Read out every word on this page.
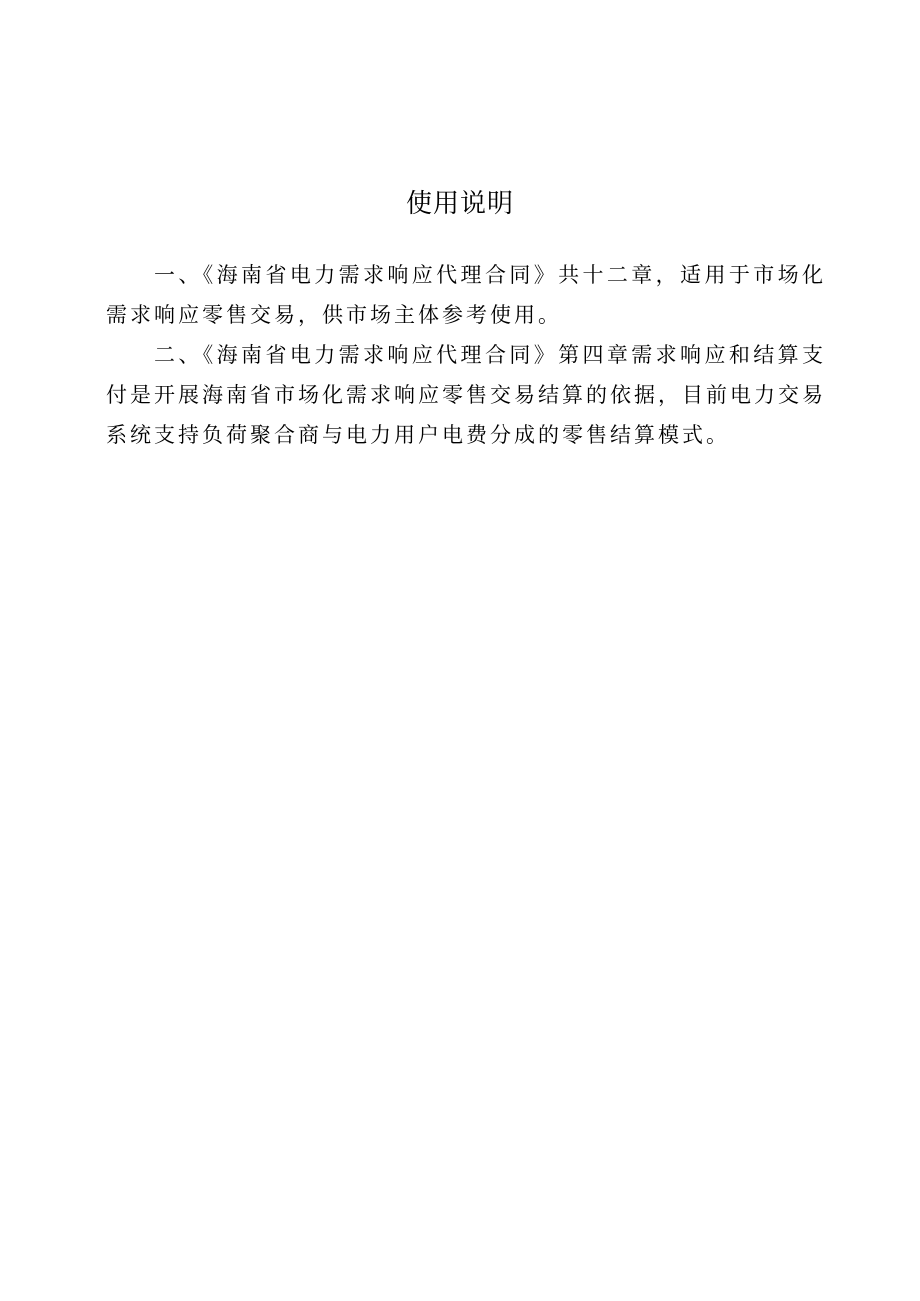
使用说明

一、《海南省电力需求响应代理合同》共十二章，适用于市场化需求响应零售交易，供市场主体参考使用。

二、《海南省电力需求响应代理合同》第四章需求响应和结算支付是开展海南省市场化需求响应零售交易结算的依据，目前电力交易系统支持负荷聚合商与电力用户电费分成的零售结算模式。
